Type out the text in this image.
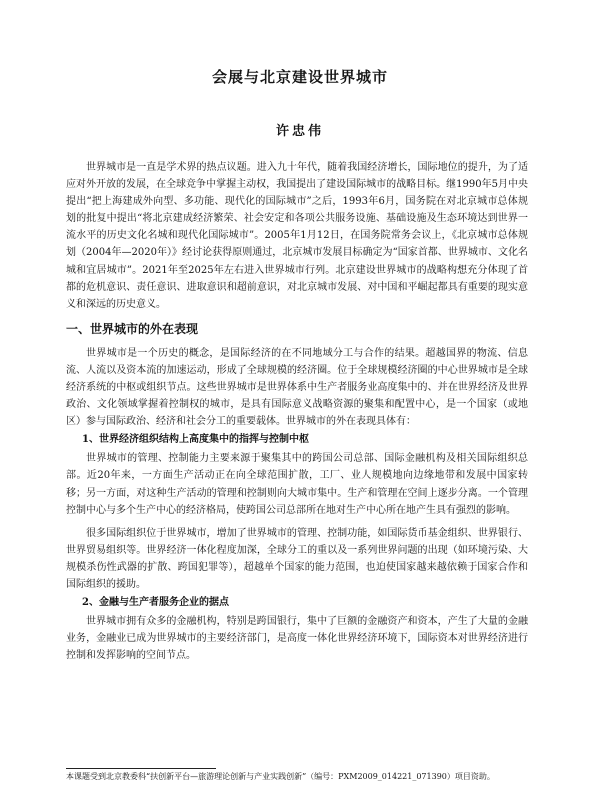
会展与北京建设世界城市
许忠伟

世界城市是一直是学术界的热点议题。进入九十年代，随着我国经济增长，国际地位的提升，为了适应对外开放的发展，在全球竞争中掌握主动权，我国提出了建设国际城市的战略目标。继1990年5月中央提出“把上海建成外向型、多功能、现代化的国际城市”之后，1993年6月，国务院在对北京城市总体规划的批复中提出“将北京建成经济繁荣、社会安定和各项公共服务设施、基础设施及生态环境达到世界一流水平的历史文化名城和现代化国际城市”。2005年1月12日，在国务院常务会议上，《北京城市总体规划（2004年—2020年）》经讨论获得原则通过，北京城市发展目标确定为“国家首都、世界城市、文化名城和宜居城市”。2021年至2025年左右进入世界城市行列。北京建设世界城市的战略构想充分体现了首都的危机意识、责任意识、进取意识和超前意识，对北京城市发展、对中国和平崛起都具有重要的现实意义和深远的历史意义。

一、世界城市的外在表现

世界城市是一个历史的概念，是国际经济的在不同地域分工与合作的结果。超越国界的物流、信息流、人流以及资本流的加速运动，形成了全球规模的经济圈。位于全球规模经济圈的中心世界城市是全球经济系统的中枢或组织节点。这些世界城市是世界体系中生产者服务业高度集中的、并在世界经济及世界政治、文化领域掌握着控制权的城市，是具有国际意义战略资源的聚集和配置中心，是一个国家（或地区）参与国际政治、经济和社会分工的重要载体。世界城市的外在表现具体有：

1、世界经济组织结构上高度集中的指挥与控制中枢

世界城市的管理、控制能力主要来源于聚集其中的跨国公司总部、国际金融机构及相关国际组织总部。近20年来，一方面生产活动正在向全球范围扩散，工厂、业人规模地向边缘地带和发展中国家转移；另一方面，对这种生产活动的管理和控制则向大城市集中。生产和管理在空间上逐步分离。一个管理控制中心与多个生产中心的经济格局，使跨国公司总部所在地对生产中心所在地产生具有强烈的影响。

很多国际组织位于世界城市，增加了世界城市的管理、控制功能，如国际货币基金组织、世界银行、世界贸易组织等。世界经济一体化程度加深，全球分工的重以及一系列世界问题的出现（如环境污染、大规模杀伤性武器的扩散、跨国犯罪等），超越单个国家的能力范围，也迫使国家越来越依赖于国家合作和国际组织的援助。

2、金融与生产者服务企业的据点

世界城市拥有众多的金融机构，特别是跨国银行，集中了巨额的金融资产和资本，产生了大量的金融业务，金融业已成为世界城市的主要经济部门，是高度一体化世界经济环境下，国际资本对世界经济进行控制和发挥影响的空间节点。

本课题受到北京教委科“扶创新平台—旅游理论创新与产业实践创新”（编号：PXM2009_014221_071390）项目资助。
